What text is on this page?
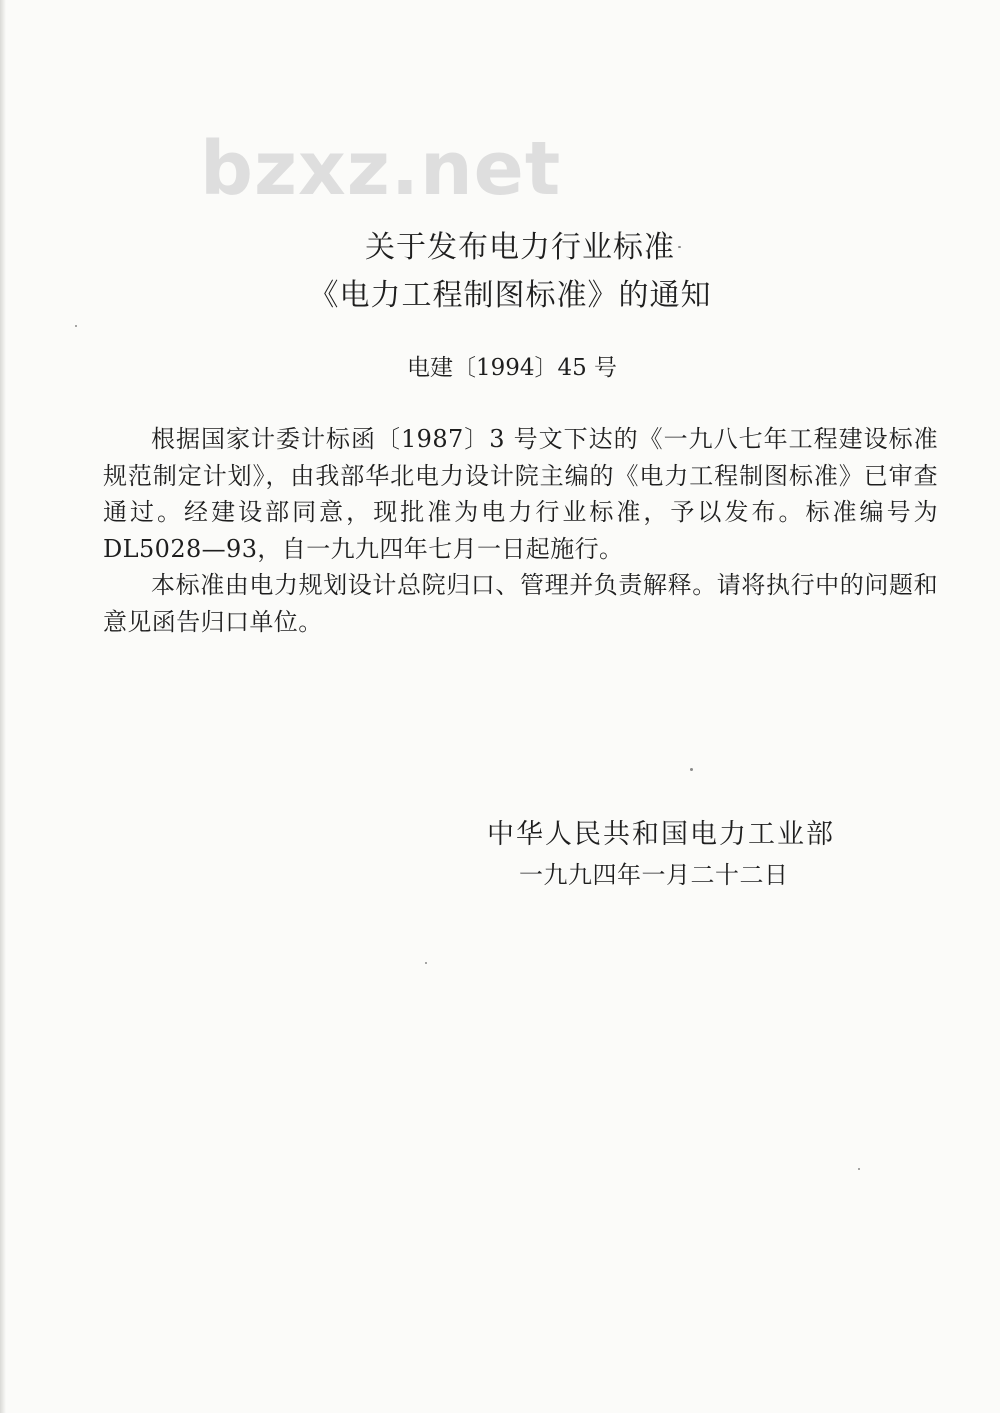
bzxz.net
关于发布电力行业标准
《电力工程制图标准》的通知
电建〔1994〕45 号

根据国家计委计标函〔1987〕3 号文下达的《一九八七年工程建设标准规范制定计划》，由我部华北电力设计院主编的《电力工程制图标准》已审查通过。经建设部同意，现批准为电力行业标准，予以发布。标准编号为 DL5028—93，自一九九四年七月一日起施行。

本标准由电力规划设计总院归口、管理并负责解释。请将执行中的问题和意见函告归口单位。

中华人民共和国电力工业部
一九九四年一月二十二日
